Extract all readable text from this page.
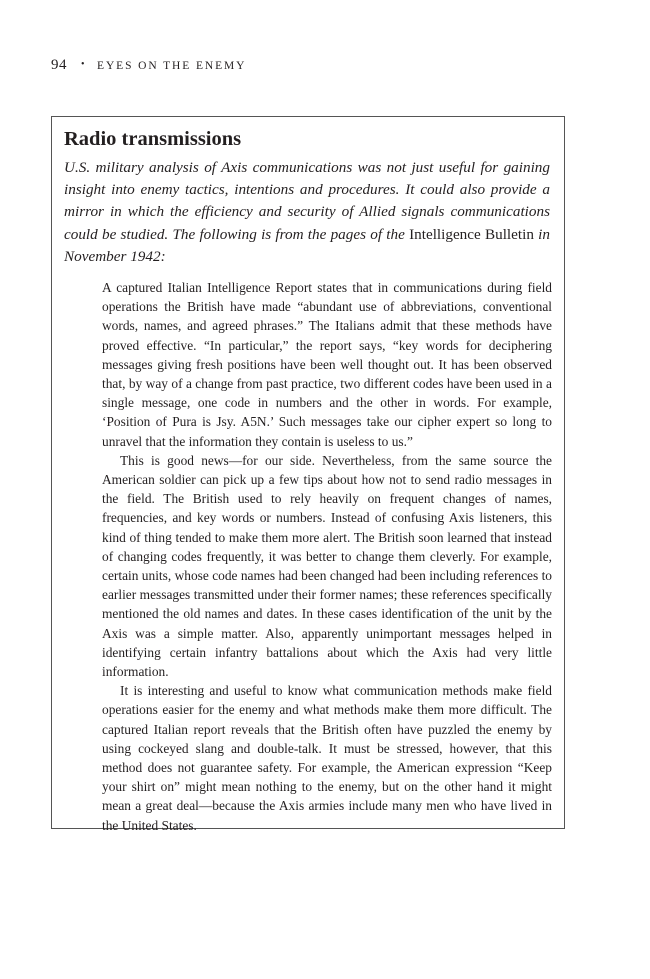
94 • EYES ON THE ENEMY
Radio transmissions

U.S. military analysis of Axis communications was not just useful for gaining insight into enemy tactics, intentions and procedures. It could also provide a mirror in which the efficiency and security of Allied signals communications could be studied. The following is from the pages of the Intelligence Bulletin in November 1942:

A captured Italian Intelligence Report states that in communications during field operations the British have made “abundant use of abbreviations, conventional words, names, and agreed phrases.” The Italians admit that these methods have proved effective. “In particular,” the report says, “key words for deciphering messages giving fresh positions have been well thought out. It has been observed that, by way of a change from past practice, two different codes have been used in a single message, one code in numbers and the other in words. For example, ‘Position of Pura is Jsy. A5N.’ Such messages take our cipher expert so long to unravel that the information they contain is useless to us.”

This is good news—for our side. Nevertheless, from the same source the American soldier can pick up a few tips about how not to send radio messages in the field. The British used to rely heavily on frequent changes of names, frequencies, and key words or numbers. Instead of confusing Axis listeners, this kind of thing tended to make them more alert. The British soon learned that instead of changing codes frequently, it was better to change them cleverly. For example, certain units, whose code names had been changed had been including references to earlier messages transmitted under their former names; these references specifically mentioned the old names and dates. In these cases identification of the unit by the Axis was a simple matter. Also, apparently unimportant messages helped in identifying certain infantry battalions about which the Axis had very little information.

It is interesting and useful to know what communication methods make field operations easier for the enemy and what methods make them more difficult. The captured Italian report reveals that the British often have puzzled the enemy by using cockeyed slang and double-talk. It must be stressed, however, that this method does not guarantee safety. For example, the American expression “Keep your shirt on” might mean nothing to the enemy, but on the other hand it might mean a great deal—because the Axis armies include many men who have lived in the United States.
